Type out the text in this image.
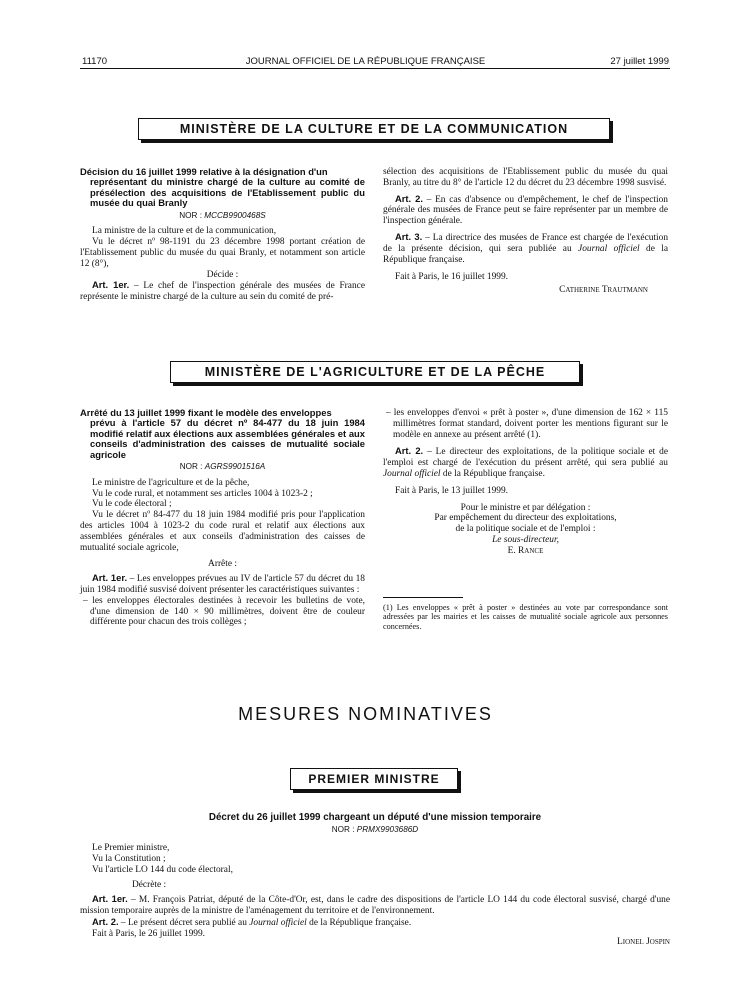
11170	JOURNAL OFFICIEL DE LA RÉPUBLIQUE FRANÇAISE	27 juillet 1999
MINISTÈRE DE LA CULTURE ET DE LA COMMUNICATION
Décision du 16 juillet 1999 relative à la désignation d'un
représentant du ministre chargé de la culture au comité de présélection des acquisitions de l'Etablissement public du musée du quai Branly
NOR : MCCB9900468S

La ministre de la culture et de la communication,

Vu le décret nº 98-1191 du 23 décembre 1998 portant création de l'Etablissement public du musée du quai Branly, et notamment son article 12 (8°),

Décide :

Art. 1er. – Le chef de l'inspection générale des musées de France représente le ministre chargé de la culture au sein du comité de pré-

sélection des acquisitions de l'Etablissement public du musée du quai Branly, au titre du 8° de l'article 12 du décret du 23 décembre 1998 susvisé.

Art. 2. – En cas d'absence ou d'empêchement, le chef de l'inspection générale des musées de France peut se faire représenter par un membre de l'inspection générale.

Art. 3. – La directrice des musées de France est chargée de l'exécution de la présente décision, qui sera publiée au Journal officiel de la République française.

Fait à Paris, le 16 juillet 1999.

Catherine Trautmann

MINISTÈRE DE L'AGRICULTURE ET DE LA PÊCHE
Arrêté du 13 juillet 1999 fixant le modèle des enveloppes
prévu à l'article 57 du décret nº 84-477 du 18 juin 1984 modifié relatif aux élections aux assemblées générales et aux conseils d'administration des caisses de mutualité sociale agricole
NOR : AGRS9901516A

Le ministre de l'agriculture et de la pêche,

Vu le code rural, et notamment ses articles 1004 à 1023-2 ;

Vu le code électoral ;

Vu le décret nº 84-477 du 18 juin 1984 modifié pris pour l'application des articles 1004 à 1023-2 du code rural et relatif aux élections aux assemblées générales et aux conseils d'administration des caisses de mutualité sociale agricole,

Arrête :

Art. 1er. – Les enveloppes prévues au IV de l'article 57 du décret du 18 juin 1984 modifié susvisé doivent présenter les caractéristiques suivantes :

– les enveloppes électorales destinées à recevoir les bulletins de vote, d'une dimension de 140 × 90 millimètres, doivent être de couleur différente pour chacun des trois collèges ;

– les enveloppes d'envoi « prêt à poster », d'une dimension de 162 × 115 millimètres format standard, doivent porter les mentions figurant sur le modèle en annexe au présent arrêté (1).

Art. 2. – Le directeur des exploitations, de la politique sociale et de l'emploi est chargé de l'exécution du présent arrêté, qui sera publié au Journal officiel de la République française.

Fait à Paris, le 13 juillet 1999.

Pour le ministre et par délégation :

Par empêchement du directeur des exploitations,

de la politique sociale et de l'emploi :

Le sous-directeur,

E. Rance

(1) Les enveloppes « prêt à poster » destinées au vote par correspondance sont adressées par les mairies et les caisses de mutualité sociale agricole aux personnes concernées.
MESURES NOMINATIVES
PREMIER MINISTRE
Décret du 26 juillet 1999 chargeant un député d'une mission temporaire
NOR : PRMX9903686D

Le Premier ministre,

Vu la Constitution ;

Vu l'article LO 144 du code électoral,

Décrète :

Art. 1er. – M. François Patriat, député de la Côte-d'Or, est, dans le cadre des dispositions de l'article LO 144 du code électoral susvisé, chargé d'une mission temporaire auprès de la ministre de l'aménagement du territoire et de l'environnement.

Art. 2. – Le présent décret sera publié au Journal officiel de la République française.

Fait à Paris, le 26 juillet 1999.

Lionel Jospin
